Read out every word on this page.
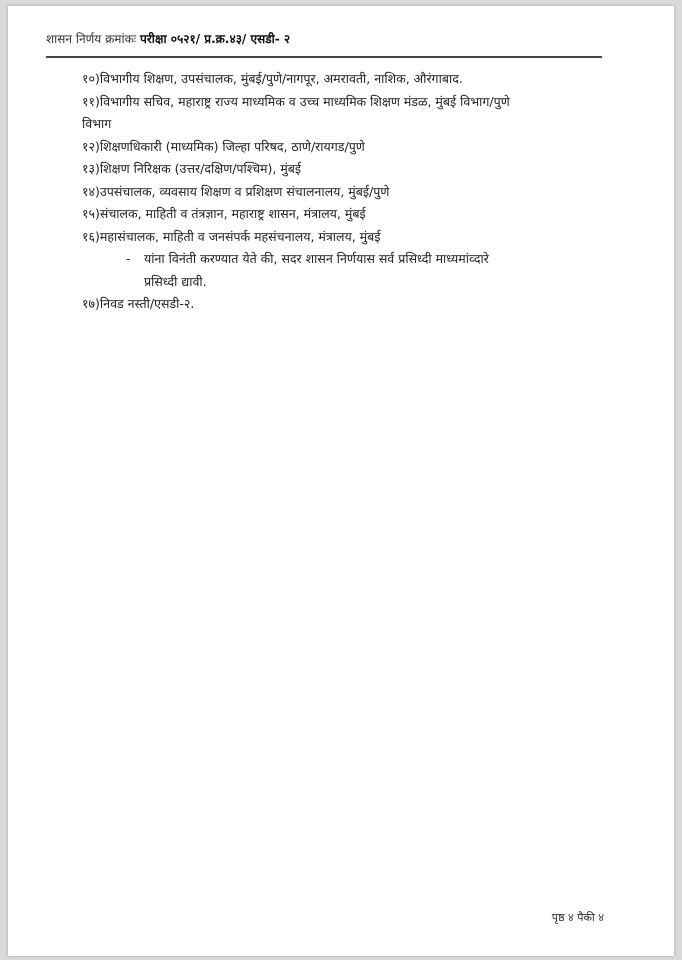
शासन निर्णय क्रमांकः परीक्षा ०५२१/ प्र.क्र.४३/ एसडी- २
१०)विभागीय शिक्षण, उपसंचालक, मुंबई/पुणे/नागपूर, अमरावती, नाशिक, औरंगाबाद.
११)विभागीय सचिव, महाराष्ट्र राज्य माध्यमिक व उच्च माध्यमिक शिक्षण मंडळ, मुंबई विभाग/पुणे
विभाग
१२)शिक्षणधिकारी (माध्यमिक) जिल्हा परिषद, ठाणे/रायगड/पुणे
१३)शिक्षण निरिक्षक (उत्तर/दक्षिण/पश्चिम), मुंबई
१४)उपसंचालक, व्यवसाय शिक्षण व प्रशिक्षण संचालनालय, मुंबई/पुणे
१५)संचालक, माहिती व तंत्रज्ञान, महाराष्ट्र शासन, मंत्रालय, मुंबई
१६)महासंचालक, माहिती व जनसंपर्क महसंचनालय, मंत्रालय, मुंबई
- यांना विनंती करण्यात येते की, सदर शासन निर्णयास सर्व प्रसिध्दी माध्यमांव्दारे
प्रसिध्दी द्यावी.
१७)निवड नस्ती/एसडी-२.
पृष्ठ ४ पैकी ४
